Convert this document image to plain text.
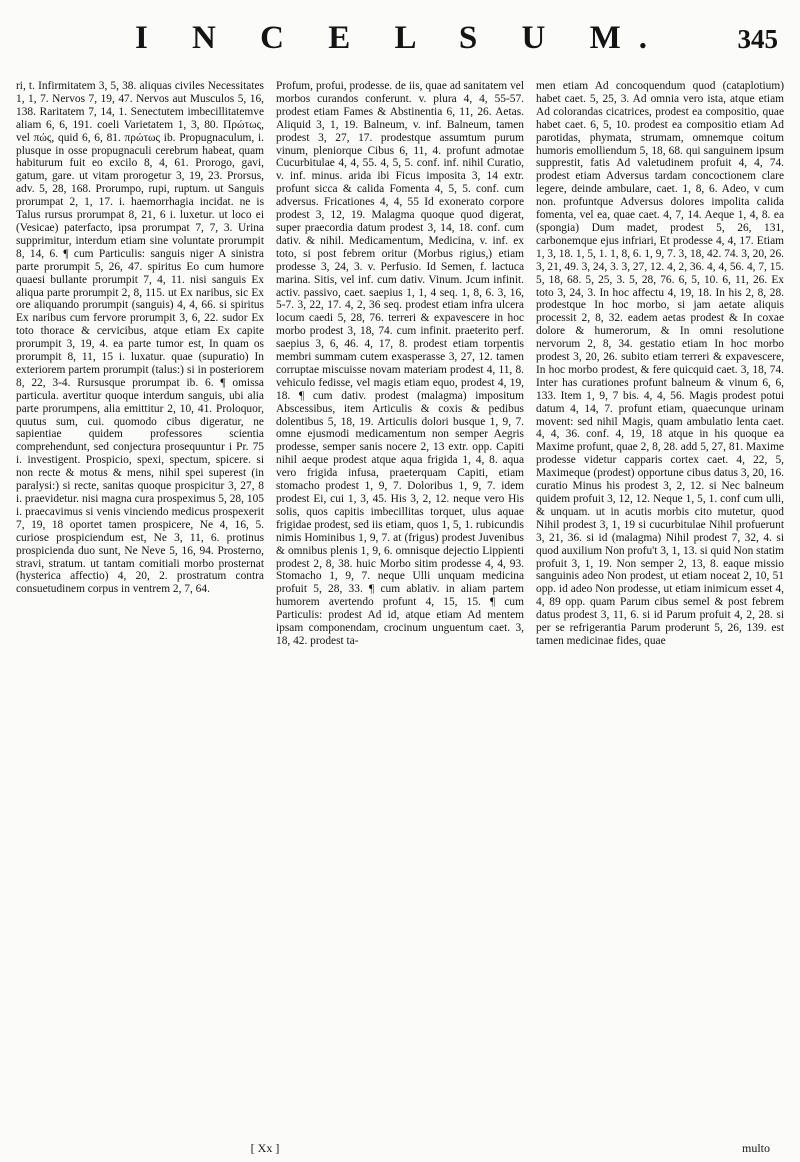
I N C E L S U M.	345

ri, t. Infirmitatem 3, 5, 38. aliquas civiles Necessitates 1, 1, 7. Nervos 7, 19, 47. Nervos aut Musculos 5, 16, 138. Raritatem 7, 14, 1. Senectutem imbecillitatemve aliam 6, 6, 191. coeli Varietatem 1, 3, 80. Πρώτως, vel πώς, quid 6, 6, 81. πρώτως ib. Propugnaculum, i. plusque in osse propugnaculi cerebrum habeat, quam habiturum fuit eo excilo 8, 4, 61. Prorogo, gavi, gatum, gare. ut vitam prorogetur 3, 19, 23. Prorsus, adv. 5, 28, 168. Prorumpo, rupi, ruptum. ut Sanguis prorumpat 2, 1, 17. i. haemorrhagia incidat. ne is Talus rursus prorumpat 8, 21, 6 i. luxetur. ut loco ei (Vesicae) paterfacto, ipsa prorumpat 7, 7, 3. Urina supprimitur, interdum etiam sine voluntate prorumpit 8, 14, 6. ¶ cum Particulis: sanguis niger A sinistra parte prorumpit 5, 26, 47. spiritus Eo cum humore quaesi bullante prorumpit 7, 4, 11. nisi sanguis Ex aliqua parte prorumpit 2, 8, 115. ut Ex naribus, sic Ex ore aliquando prorumpit (sanguis) 4, 4, 66. si spiritus Ex naribus cum fervore prorumpit 3, 6, 22. sudor Ex toto thorace & cervicibus, atque etiam Ex capite prorumpit 3, 19, 4. ea parte tumor est, In quam os prorumpit 8, 11, 15 i. luxatur. quae (supuratio) In exteriorem partem prorumpit (talus:) si in posteriorem 8, 22, 3-4. Rursusque prorumpat ib. 6. ¶ omissa particula. avertitur quoque interdum sanguis, ubi alia parte prorumpens, alia emittitur 2, 10, 41. Proloquor, quutus sum, cui. quomodo cibus digeratur, ne sapientiae quidem professores scientia comprehendunt, sed conjectura prosequuntur i Pr. 75 i. investigent. Prospicio, spexi, spectum, spicere. si non recte & motus & mens, nihil spei superest (in paralysi:) si recte, sanitas quoque prospicitur 3, 27, 8 i. praevidetur. nisi magna cura prospeximus 5, 28, 105 i. praecavimus si venis vinciendo medicus prospexerit 7, 19, 18 oportet tamen prospicere, Ne 4, 16, 5. curiose prospiciendum est, Ne 3, 11, 6. protinus prospicienda duo sunt, Ne Neve 5, 16, 94. Prosterno, stravi, stratum. ut tantam comitiali morbo prosternat (hysterica affectio) 4, 20, 2. prostratum contra consuetudinem corpus in ventrem 2, 7, 64.

Profum, profui, prodesse. de iis, quae ad sanitatem vel morbos curandos conferunt. v. plura 4, 4, 55-57. prodest etiam Fames & Abstinentia 6, 11, 26. Aetas. Aliquid 3, 1, 19. Balneum, v. inf. Balneum, tamen prodest 3, 27, 17. prodestque assumtum purum vinum, pleniorque Cibus 6, 11, 4. profunt admotae Cucurbitulae 4, 4, 55. 4, 5, 5. conf. inf. nihil Curatio, v. inf. minus. arida ibi Ficus imposita 3, 14 extr. profunt sicca & calida Fomenta 4, 5, 5. conf. cum adversus. Fricationes 4, 4, 55 Id exonerato corpore prodest 3, 12, 19. Malagma quoque quod digerat, super praecordia datum prodest 3, 14, 18. conf. cum dativ. & nihil. Medicamentum, Medicina, v. inf. ex toto, si post febrem oritur (Morbus rigius,) etiam prodesse 3, 24, 3. v. Perfusio. Id Semen, f. lactuca marina. Sitis, vel inf. cum dativ. Vinum. Jcum infinit. activ. passivo, caet. saepius 1, 1, 4 seq. 1, 8, 6. 3, 16, 5-7. 3, 22, 17. 4, 2, 36 seq. prodest etiam infra ulcera locum caedi 5, 28, 76. terreri & expavescere in hoc morbo prodest 3, 18, 74. cum infinit. praeterito perf. saepius 3, 6, 46. 4, 17, 8. prodest etiam torpentis membri summam cutem exasperasse 3, 27, 12. tamen corruptae miscuisse novam materiam prodest 4, 11, 8. vehiculo fedisse, vel magis etiam equo, prodest 4, 19, 18. ¶ cum dativ. prodest (malagma) impositum Abscessibus, item Articulis & coxis & pedibus dolentibus 5, 18, 19. Articulis dolori busque 1, 9, 7. omne ejusmodi medicamentum non semper Aegris prodesse, semper sanis nocere 2, 13 extr. opp. Capiti nihil aeque prodest atque aqua frigida 1, 4, 8. aqua vero frigida infusa, praeterquam Capiti, etiam stomacho prodest 1, 9, 7. Doloribus 1, 9, 7. idem prodest Ei, cui 1, 3, 45. His 3, 2, 12. neque vero His solis, quos capitis imbecillitas torquet, ulus aquae frigidae prodest, sed iis etiam, quos 1, 5, 1. rubicundis nimis Hominibus 1, 9, 7. at (frigus) prodest Juvenibus & omnibus plenis 1, 9, 6. omnisque dejectio Lippienti prodest 2, 8, 38. huic Morbo sitim prodesse 4, 4, 93. Stomacho 1, 9, 7. neque Ulli unquam medicina profuit 5, 28, 33. ¶ cum ablativ. in aliam partem humorem avertendo profunt 4, 15, 15. ¶ cum Particulis: prodest Ad id, atque etiam Ad mentem ipsam componendam, crocinum unguentum caet. 3, 18, 42. prodest ta-

men etiam Ad concoquendum quod (cataplotium) habet caet. 5, 25, 3. Ad omnia vero ista, atque etiam Ad colorandas cicatrices, prodest ea compositio, quae habet caet. 6, 5, 10. prodest ea compositio etiam Ad parotidas, phymata, strumam, omnemque coitum humoris emolliendum 5, 18, 68. qui sanguinem ipsum supprestit, fatis Ad valetudinem profuit 4, 4, 74. prodest etiam Adversus tardam concoctionem clare legere, deinde ambulare, caet. 1, 8, 6. Adeo, v cum non. profuntque Adversus dolores impolita calida fomenta, vel ea, quae caet. 4, 7, 14. Aeque 1, 4, 8. ea (spongia) Dum madet, prodest 5, 26, 131, carbonemque ejus infriari, Et prodesse 4, 4, 17. Etiam 1, 3, 18. 1, 5, 1. 1, 8, 6. 1, 9, 7. 3, 18, 42. 74. 3, 20, 26. 3, 21, 49. 3, 24, 3. 3, 27, 12. 4, 2, 36. 4, 4, 56. 4, 7, 15. 5, 18, 68. 5, 25, 3. 5, 28, 76. 6, 5, 10. 6, 11, 26. Ex toto 3, 24, 3. In hoc affectu 4, 19, 18. In his 2, 8, 28. prodestque In hoc morbo, si jam aetate aliquis processit 2, 8, 32. eadem aetas prodest & In coxae dolore & humerorum, & In omni resolutione nervorum 2, 8, 34. gestatio etiam In hoc morbo prodest 3, 20, 26. subito etiam terreri & expavescere, In hoc morbo prodest, & fere quicquid caet. 3, 18, 74. Inter has curationes profunt balneum & vinum 6, 6, 133. Item 1, 9, 7 bis. 4, 4, 56. Magis prodest potui datum 4, 14, 7. profunt etiam, quaecunque urinam movent: sed nihil Magis, quam ambulatio lenta caet. 4, 4, 36. conf. 4, 19, 18 atque in his quoque ea Maxime profunt, quae 2, 8, 28. add 5, 27, 81. Maxime prodesse videtur capparis cortex caet. 4, 22, 5, Maximeque (prodest) opportune cibus datus 3, 20, 16. curatio Minus his prodest 3, 2, 12. si Nec balneum quidem profuit 3, 12, 12. Neque 1, 5, 1. conf cum ulli, & unquam. ut in acutis morbis cito mutetur, quod Nihil prodest 3, 1, 19 si cucurbitulae Nihil profuerunt 3, 21, 36. si id (malagma) Nihil prodest 7, 32, 4. si quod auxilium Non profu't 3, 1, 13. si quid Non statim profuit 3, 1, 19. Non semper 2, 13, 8. eaque missio sanguinis adeo Non prodest, ut etiam noceat 2, 10, 51 opp. id adeo Non prodesse, ut etiam inimicum esset 4, 4, 89 opp. quam Parum cibus semel & post febrem datus prodest 3, 11, 6. si id Parum profuit 4, 2, 28. si per se refrigerantia Parum proderunt 5, 26, 139. est tamen medicinae fides, quae

[ Xx ]	multo
